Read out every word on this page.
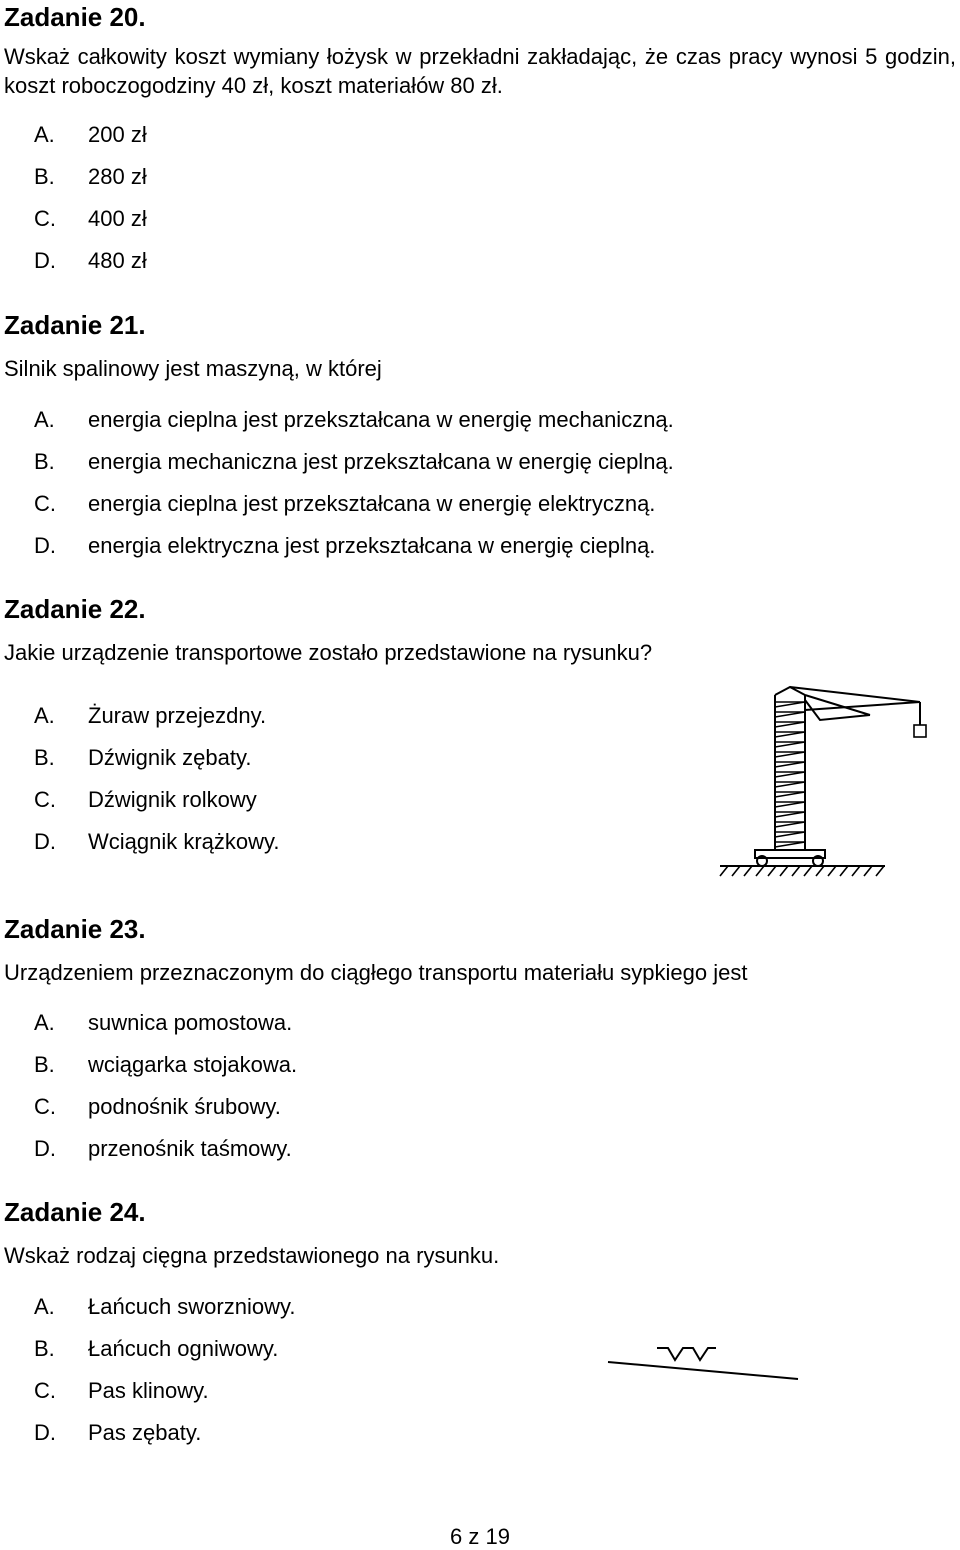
Zadanie 20.
Wskaż całkowity koszt wymiany łożysk w przekładni zakładając, że czas pracy wynosi 5 godzin, koszt roboczogodziny 40 zł, koszt materiałów 80 zł.
A. 200 zł
B. 280 zł
C. 400 zł
D. 480 zł
Zadanie 21.
Silnik spalinowy jest maszyną, w której
A. energia cieplna jest przekształcana w energię mechaniczną.
B. energia mechaniczna jest przekształcana w energię cieplną.
C. energia cieplna jest przekształcana w energię elektryczną.
D. energia elektryczna jest przekształcana w energię cieplną.
Zadanie 22.
Jakie urządzenie transportowe zostało przedstawione na rysunku?
A. Żuraw przejezdny.
B. Dźwignik zębaty.
C. Dźwignik rolkowy
D. Wciągnik krążkowy.
Zadanie 23.
Urządzeniem przeznaczonym do ciągłego transportu materiału sypkiego jest
A. suwnica pomostowa.
B. wciągarka stojakowa.
C. podnośnik śrubowy.
D. przenośnik taśmowy.
Zadanie 24.
Wskaż rodzaj cięgna przedstawionego na rysunku.
A. Łańcuch sworzniowy.
B. Łańcuch ogniwowy.
C. Pas klinowy.
D. Pas zębaty.
6 z 19
